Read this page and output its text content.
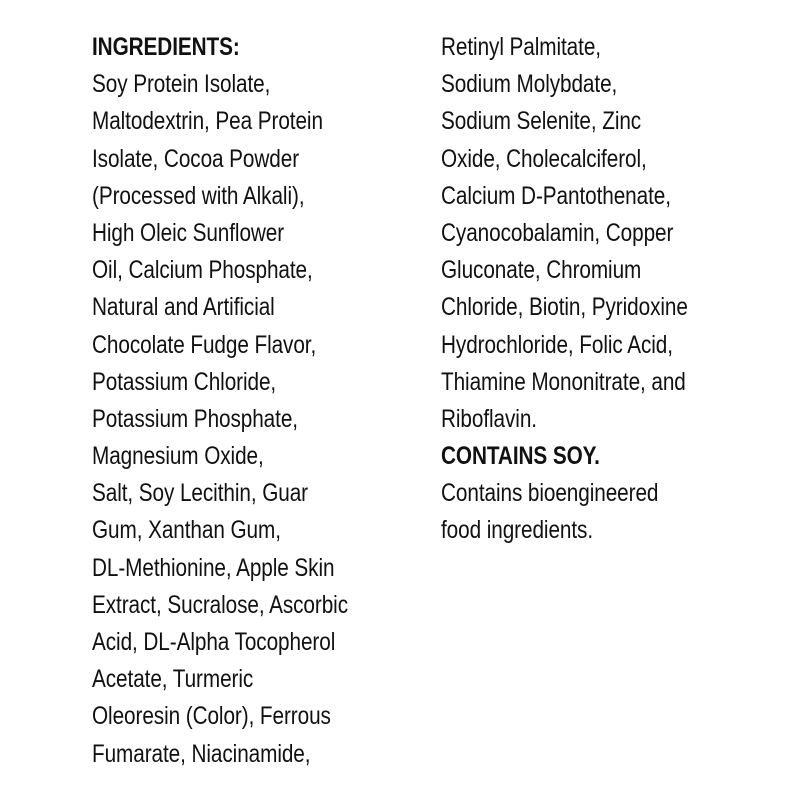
INGREDIENTS:
Soy Protein Isolate,
Maltodextrin, Pea Protein
Isolate, Cocoa Powder
(Processed with Alkali),
High Oleic Sunflower
Oil, Calcium Phosphate,
Natural and Artificial
Chocolate Fudge Flavor,
Potassium Chloride,
Potassium Phosphate,
Magnesium Oxide,
Salt, Soy Lecithin, Guar
Gum, Xanthan Gum,
DL-Methionine, Apple Skin
Extract, Sucralose, Ascorbic
Acid, DL-Alpha Tocopherol
Acetate, Turmeric
Oleoresin (Color), Ferrous
Fumarate, Niacinamide,
Retinyl Palmitate,
Sodium Molybdate,
Sodium Selenite, Zinc
Oxide, Cholecalciferol,
Calcium D-Pantothenate,
Cyanocobalamin, Copper
Gluconate, Chromium
Chloride, Biotin, Pyridoxine
Hydrochloride, Folic Acid,
Thiamine Mononitrate, and
Riboflavin.
CONTAINS SOY.
Contains bioengineered
food ingredients.
